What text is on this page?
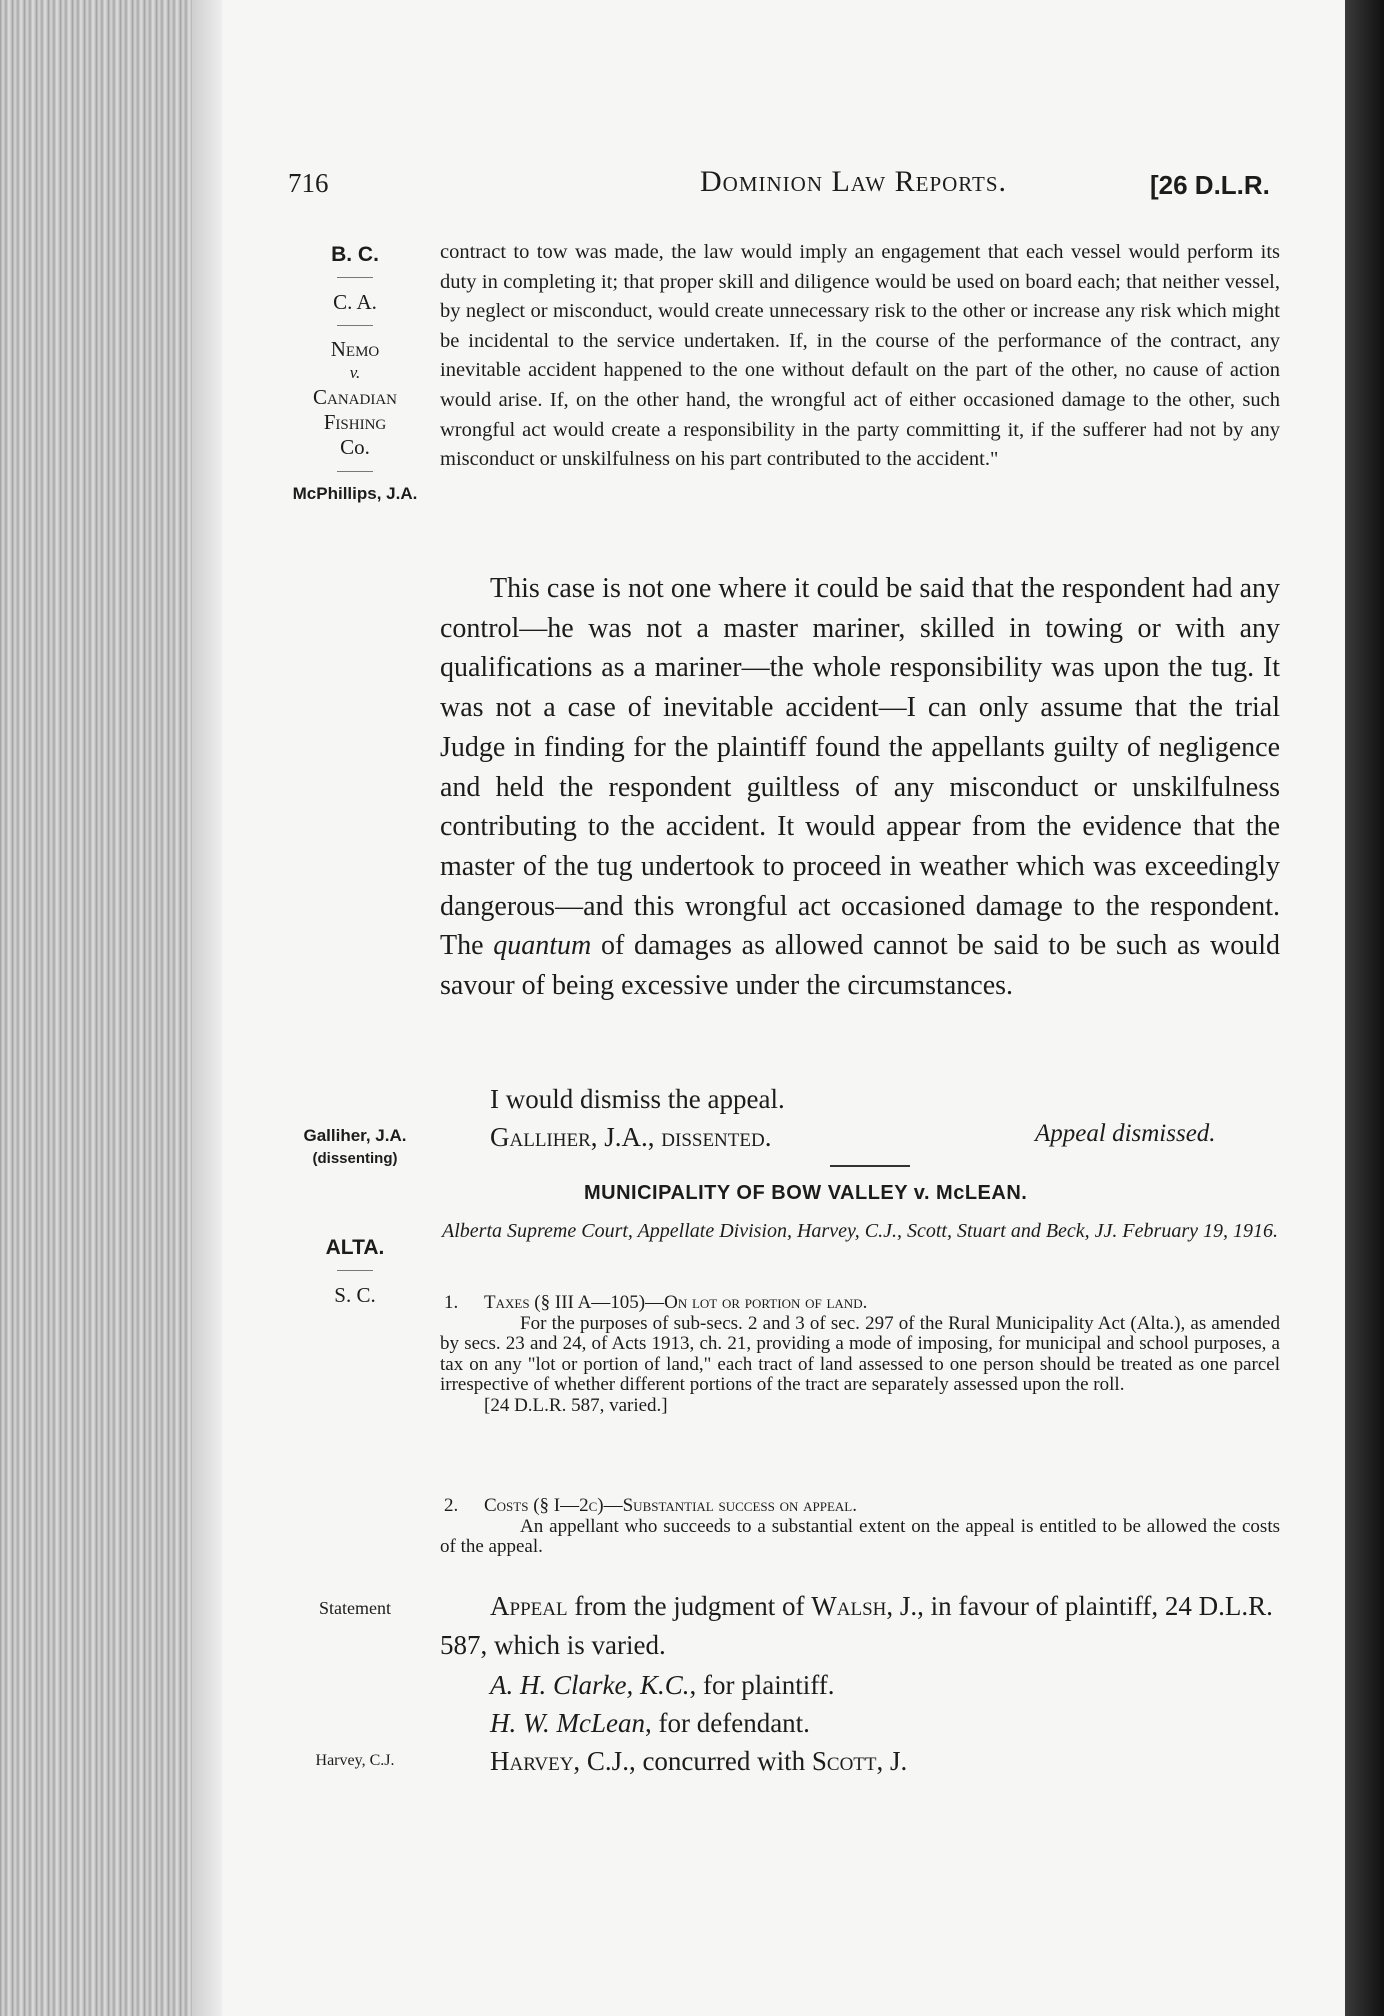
716	Dominion Law Reports.	[26 D.L.R.
B. C.
C. A.
Nemo
v.
Canadian
Fishing
Co.
McPhillips, J.A.
contract to tow was made, the law would imply an engagement that each vessel would perform its duty in completing it; that proper skill and diligence would be used on board each; that neither vessel, by neglect or misconduct, would create unnecessary risk to the other or increase any risk which might be incidental to the service undertaken. If, in the course of the performance of the contract, any inevitable accident happened to the one without default on the part of the other, no cause of action would arise. If, on the other hand, the wrongful act of either occasioned damage to the other, such wrongful act would create a responsibility in the party committing it, if the sufferer had not by any misconduct or unskilfulness on his part contributed to the accident."
This case is not one where it could be said that the respondent had any control—he was not a master mariner, skilled in towing or with any qualifications as a mariner—the whole responsibility was upon the tug. It was not a case of inevitable accident—I can only assume that the trial Judge in finding for the plaintiff found the appellants guilty of negligence and held the respondent guiltless of any misconduct or unskilfulness contributing to the accident. It would appear from the evidence that the master of the tug undertook to proceed in weather which was exceedingly dangerous—and this wrongful act occasioned damage to the respondent. The quantum of damages as allowed cannot be said to be such as would savour of being excessive under the circumstances.
I would dismiss the appeal.
Galliher, J.A.
(dissenting)
Galliher, J.A., dissented.	Appeal dismissed.
MUNICIPALITY OF BOW VALLEY v. McLEAN.
Alberta Supreme Court, Appellate Division, Harvey, C.J., Scott, Stuart and Beck, JJ. February 19, 1916.
ALTA.
S. C.	1.	Taxes (§ III A—105)—On lot or portion of land.
For the purposes of sub-secs. 2 and 3 of sec. 297 of the Rural Municipality Act (Alta.), as amended by secs. 23 and 24, of Acts 1913, ch. 21, providing a mode of imposing, for municipal and school purposes, a tax on any "lot or portion of land," each tract of land assessed to one person should be treated as one parcel irrespective of whether different portions of the tract are separately assessed upon the roll.
[24 D.L.R. 587, varied.]
2.	Costs (§ I—2c)—Substantial success on appeal.
An appellant who succeeds to a substantial extent on the appeal is entitled to be allowed the costs of the appeal.
Statement	Appeal from the judgment of Walsh, J., in favour of plaintiff, 24 D.L.R. 587, which is varied.
A. H. Clarke, K.C., for plaintiff.
H. W. McLean, for defendant.
Harvey, C.J.	Harvey, C.J., concurred with Scott, J.
